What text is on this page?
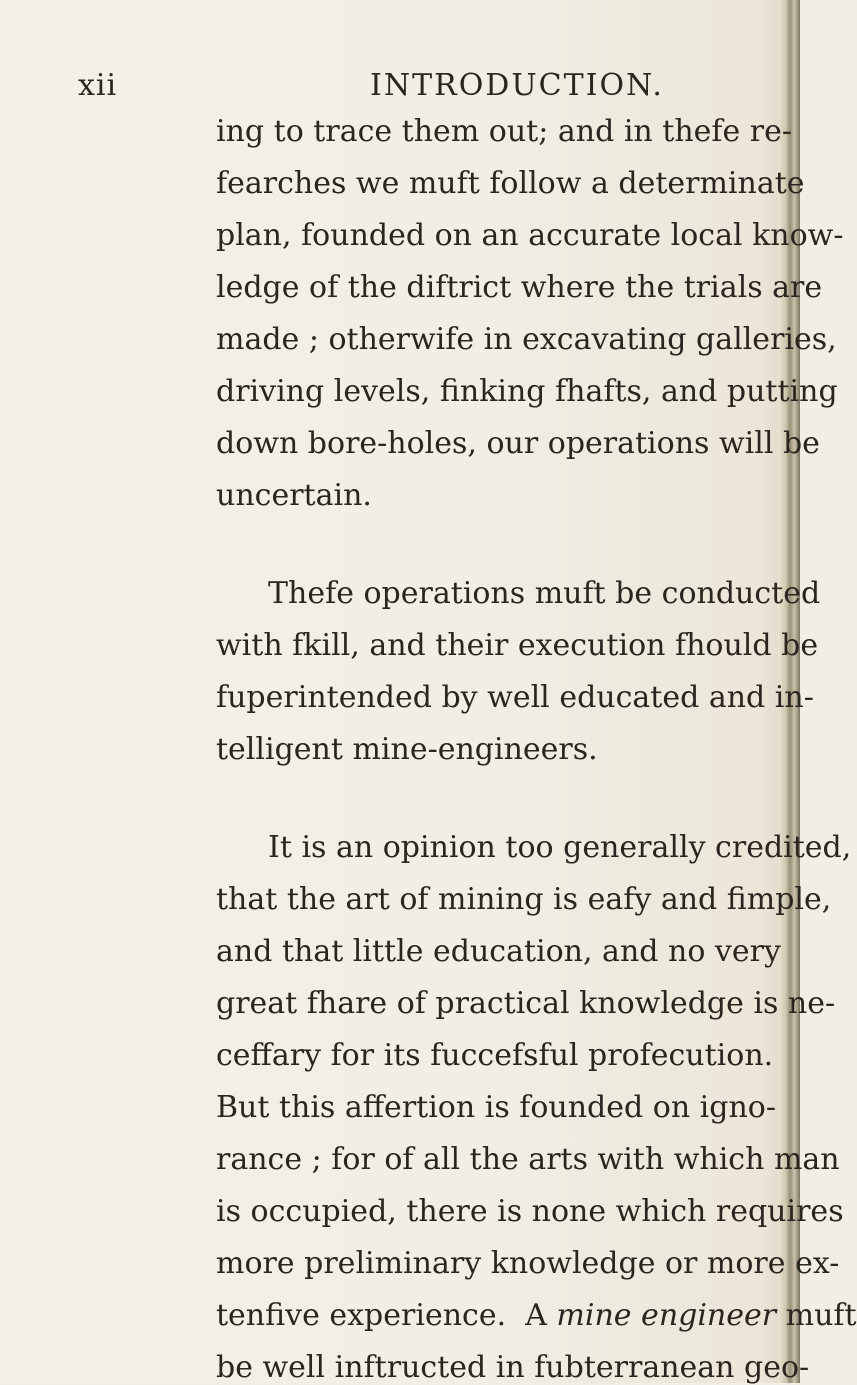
xii	INTRODUCTION.
ing to trace them out; and in thefe re-
fearches we muft follow a determinate
plan, founded on an accurate local know-
ledge of the diftrict where the trials are
made ; otherwife in excavating galleries,
driving levels, finking fhafts, and putting
down bore-holes, our operations will be
uncertain.
Thefe operations muft be conducted
with fkill, and their execution fhould be
fuperintended by well educated and in-
telligent mine-engineers.
It is an opinion too generally credited,
that the art of mining is eafy and fimple,
and that little education, and no very
great fhare of practical knowledge is ne-
ceffary for its fuccefsful profecution.
But this affertion is founded on igno-
rance ; for of all the arts with which man
is occupied, there is none which requires
more preliminary knowledge or more ex-
tenfive experience. A mine engineer muft
be well inftructed in fubterranean geo-
